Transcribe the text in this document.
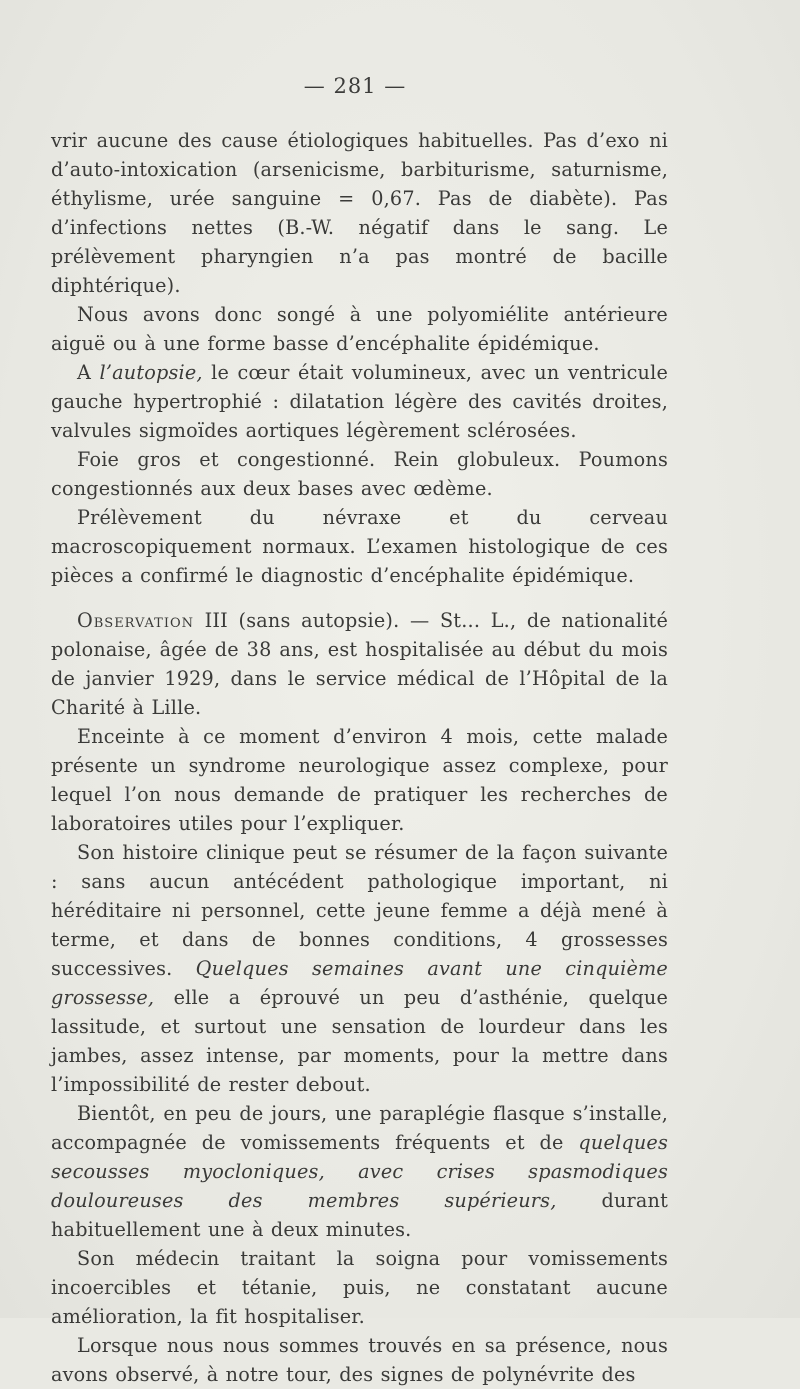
— 281 —

vrir aucune des cause étiologiques habituelles. Pas d’exo ni d’auto-intoxication (arsenicisme, barbiturisme, saturnisme, éthylisme, urée sanguine = 0,67. Pas de diabète). Pas d’infections nettes (B.-W. négatif dans le sang. Le prélèvement pharyngien n’a pas montré de bacille diphtérique).

Nous avons donc songé à une polyomiélite antérieure aiguë ou à une forme basse d’encéphalite épidémique.

A l’autopsie, le cœur était volumineux, avec un ventricule gauche hypertrophié : dilatation légère des cavités droites, valvules sigmoïdes aortiques légèrement sclérosées.

Foie gros et congestionné. Rein globuleux. Poumons congestionnés aux deux bases avec œdème.

Prélèvement du névraxe et du cerveau macroscopiquement normaux. L’examen histologique de ces pièces a confirmé le diagnostic d’encéphalite épidémique.

Observation III (sans autopsie). — St... L., de nationalité polonaise, âgée de 38 ans, est hospitalisée au début du mois de janvier 1929, dans le service médical de l’Hôpital de la Charité à Lille.

Enceinte à ce moment d’environ 4 mois, cette malade présente un syndrome neurologique assez complexe, pour lequel l’on nous demande de pratiquer les recherches de laboratoires utiles pour l’expliquer.

Son histoire clinique peut se résumer de la façon suivante : sans aucun antécédent pathologique important, ni héréditaire ni personnel, cette jeune femme a déjà mené à terme, et dans de bonnes conditions, 4 grossesses successives. Quelques semaines avant une cinquième grossesse, elle a éprouvé un peu d’asthénie, quelque lassitude, et surtout une sensation de lourdeur dans les jambes, assez intense, par moments, pour la mettre dans l’impossibilité de rester debout.

Bientôt, en peu de jours, une paraplégie flasque s’installe, accompagnée de vomissements fréquents et de quelques secousses myocloniques, avec crises spasmodiques douloureuses des membres supérieurs, durant habituellement une à deux minutes.

Son médecin traitant la soigna pour vomissements incoercibles et tétanie, puis, ne constatant aucune amélioration, la fit hospitaliser.

Lorsque nous nous sommes trouvés en sa présence, nous avons observé, à notre tour, des signes de polynévrite des
